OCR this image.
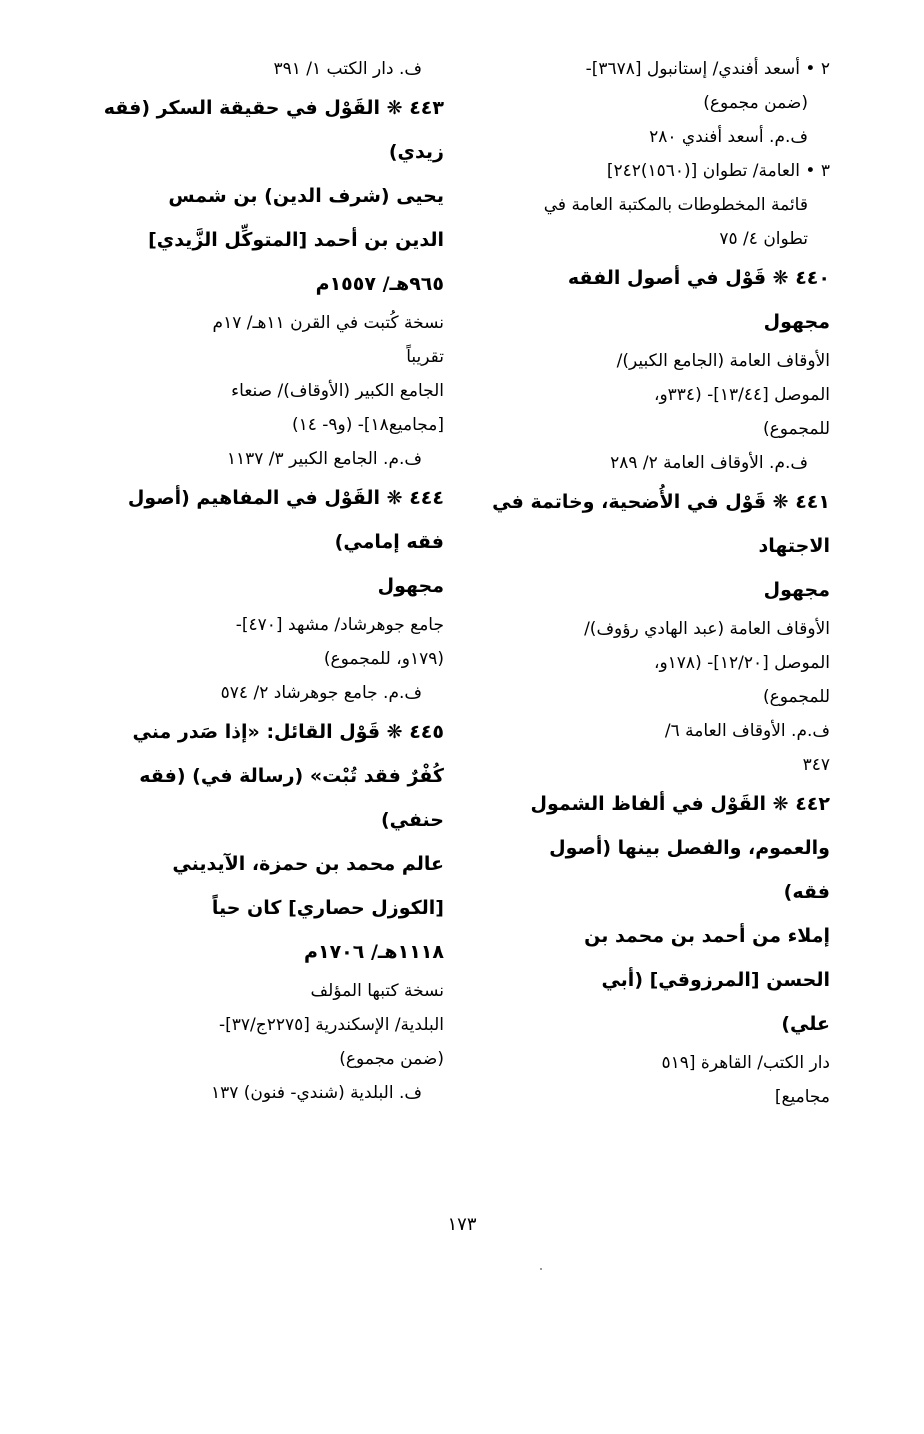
٢ • أسعد أفندي/ إستانبول [٣٦٧٨]-
(ضمن مجموع)
ف.م. أسعد أفندي ٢٨٠
٣ • العامة/ تطوان [(١٥٦٠)٢٤٢]
قائمة المخطوطات بالمكتبة العامة في
تطوان ٤/ ٧٥
٤٤٠ ❋ قَوْل في أصول الفقه
مجهول
الأوقاف العامة (الجامع الكبير)/
الموصل [١٣/٤٤]- (٣٣٤و،
للمجموع)
ف.م. الأوقاف العامة ٢/ ٢٨٩
٤٤١ ❋ قَوْل في الأُضحية، وخاتمة في
الاجتهاد
مجهول
الأوقاف العامة (عبد الهادي رؤوف)/
الموصل [١٢/٢٠]- (١٧٨و،
للمجموع)
ف.م. الأوقاف العامة ٦/
٣٤٧
٤٤٢ ❋ القَوْل في ألفاظ الشمول
والعموم، والفصل بينها (أصول
فقه)
إملاء من أحمد بن محمد بن
الحسن [المرزوقي] (أبي
علي)
دار الكتب/ القاهرة [٥١٩
مجاميع]
ف. دار الكتب ١/ ٣٩١
٤٤٣ ❋ القَوْل في حقيقة السكر (فقه
زيدي)
يحيى (شرف الدين) بن شمس
الدين بن أحمد [المتوكِّل الزَّيدي]
٩٦٥هـ/ ١٥٥٧م
نسخة كُتبت في القرن ١١هـ/ ١٧م
تقريباً
الجامع الكبير (الأوقاف)/ صنعاء
[مجاميع١٨]- (و٩- ١٤)
ف.م. الجامع الكبير ٣/ ١١٣٧
٤٤٤ ❋ القَوْل في المفاهيم (أصول
فقه إمامي)
مجهول
جامع جوهرشاد/ مشهد [٤٧٠]-
(١٧٩و، للمجموع)
ف.م. جامع جوهرشاد ٢/ ٥٧٤
٤٤٥ ❋ قَوْل القائل: «إذا صَدر مني
كُفْرٌ فقد تُبْت» (رسالة في) (فقه
حنفي)
عالم محمد بن حمزة، الآيديني
[الكوزل حصاري] كان حياً
١١١٨هـ/ ١٧٠٦م
نسخة كتبها المؤلف
البلدية/ الإسكندرية [٢٢٧٥ج/٣٧]-
(ضمن مجموع)
ف. البلدية (شندي- فنون) ١٣٧
١٧٣
